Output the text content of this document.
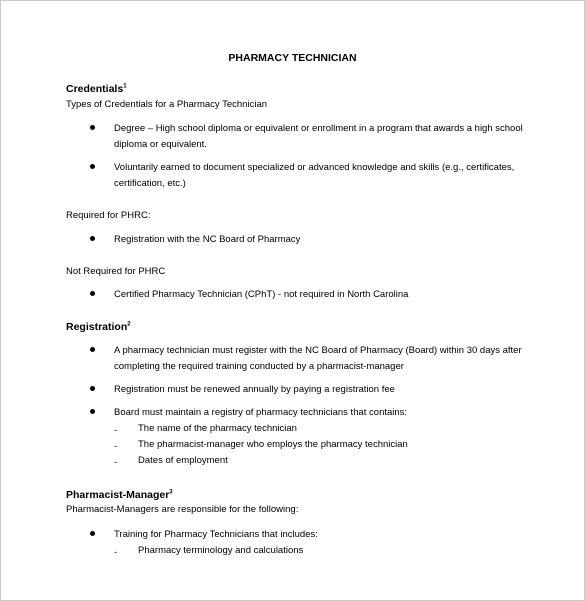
PHARMACY TECHNICIAN
Credentials$^1$
Types of Credentials for a Pharmacy Technician
Degree – High school diploma or equivalent or enrollment in a program that awards a high school diploma or equivalent.
Voluntarily earned to document specialized or advanced knowledge and skills (e.g., certificates, certification, etc.)
Required for PHRC:
Registration with the NC Board of Pharmacy
Not Required for PHRC
Certified Pharmacy Technician (CPhT) - not required in North Carolina
Registration$^2$
A pharmacy technician must register with the NC Board of Pharmacy (Board) within 30 days after completing the required training conducted by a pharmacist-manager
Registration must be renewed annually by paying a registration fee
Board must maintain a registry of pharmacy technicians that contains:
- The name of the pharmacy technician
- The pharmacist-manager who employs the pharmacy technician
- Dates of employment
Pharmacist-Manager$^3$
Pharmacist-Managers are responsible for the following:
Training for Pharmacy Technicians that includes:
- Pharmacy terminology and calculations
